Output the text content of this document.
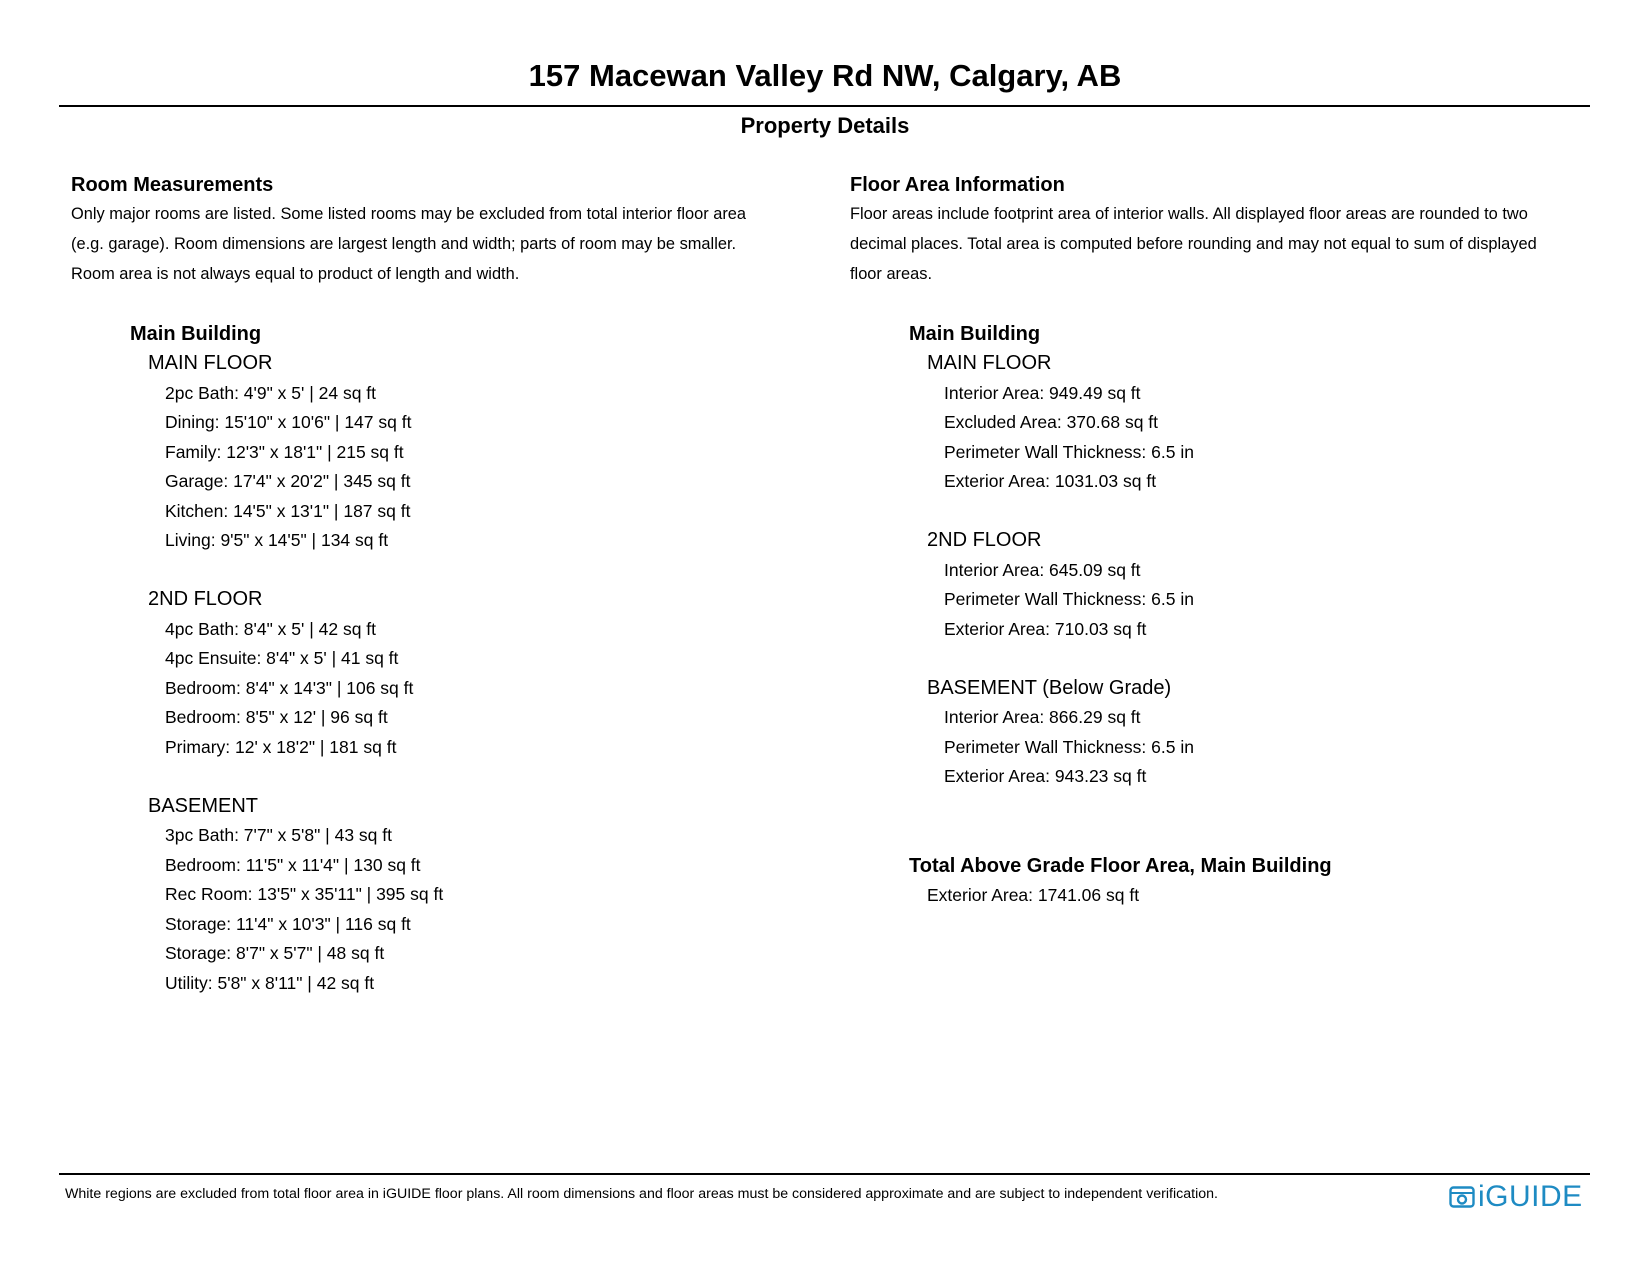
157 Macewan Valley Rd NW, Calgary, AB
Property Details
Room Measurements

Only major rooms are listed. Some listed rooms may be excluded from total interior floor area

(e.g. garage). Room dimensions are largest length and width; parts of room may be smaller.

Room area is not always equal to product of length and width.

Main Building
MAIN FLOOR
2pc Bath: 4'9" x 5' | 24 sq ft
Dining: 15'10" x 10'6" | 147 sq ft
Family: 12'3" x 18'1" | 215 sq ft
Garage: 17'4" x 20'2" | 345 sq ft
Kitchen: 14'5" x 13'1" | 187 sq ft
Living: 9'5" x 14'5" | 134 sq ft
2ND FLOOR
4pc Bath: 8'4" x 5' | 42 sq ft
4pc Ensuite: 8'4" x 5' | 41 sq ft
Bedroom: 8'4" x 14'3" | 106 sq ft
Bedroom: 8'5" x 12' | 96 sq ft
Primary: 12' x 18'2" | 181 sq ft
BASEMENT
3pc Bath: 7'7" x 5'8" | 43 sq ft
Bedroom: 11'5" x 11'4" | 130 sq ft
Rec Room: 13'5" x 35'11" | 395 sq ft
Storage: 11'4" x 10'3" | 116 sq ft
Storage: 8'7" x 5'7" | 48 sq ft
Utility: 5'8" x 8'11" | 42 sq ft
Floor Area Information

Floor areas include footprint area of interior walls. All displayed floor areas are rounded to two

decimal places. Total area is computed before rounding and may not equal to sum of displayed

floor areas.

Main Building
MAIN FLOOR
Interior Area: 949.49 sq ft
Excluded Area: 370.68 sq ft
Perimeter Wall Thickness: 6.5 in
Exterior Area: 1031.03 sq ft
2ND FLOOR
Interior Area: 645.09 sq ft
Perimeter Wall Thickness: 6.5 in
Exterior Area: 710.03 sq ft
BASEMENT (Below Grade)
Interior Area: 866.29 sq ft
Perimeter Wall Thickness: 6.5 in
Exterior Area: 943.23 sq ft
Total Above Grade Floor Area, Main Building
Exterior Area: 1741.06 sq ft
White regions are excluded from total floor area in iGUIDE floor plans. All room dimensions and floor areas must be considered approximate and are subject to independent verification.	iGUIDE
